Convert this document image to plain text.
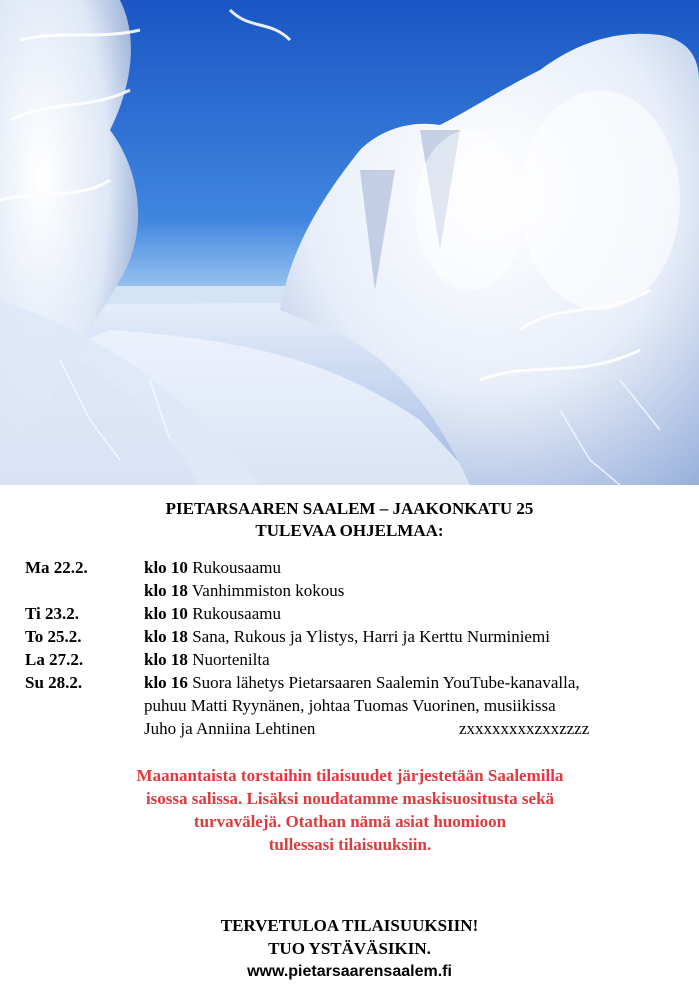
PIETARSAAREN SAALEM – JAAKONKATU 25
TULEVAA OHJELMAA:
Ma 22.2.	klo 10 Rukousaamu
klo 18 Vanhimmiston kokous
Ti 23.2.	klo 10 Rukousaamu
To 25.2.	klo 18 Sana, Rukous ja Ylistys, Harri ja Kerttu Nurminiemi
La 27.2.	klo 18 Nuortenilta
Su 28.2.	klo 16 Suora lähetys Pietarsaaren Saalemin YouTube-kanavalla,
puhuu Matti Ryynänen, johtaa Tuomas Vuorinen, musiikissa
Juho ja Anniina Lehtinen	zxxxxxxxxzxxzzzz
Maanantaista torstaihin tilaisuudet järjestetään Saalemilla
isossa salissa. Lisäksi noudatamme maskisuositusta sekä
turvavälejä. Otathan nämä asiat huomioon
tullessasi tilaisuuksiin.
TERVETULOA TILAISUUKSIIN!
TUO YSTÄVÄSIKIN.
www.pietarsaarensaalem.fi
